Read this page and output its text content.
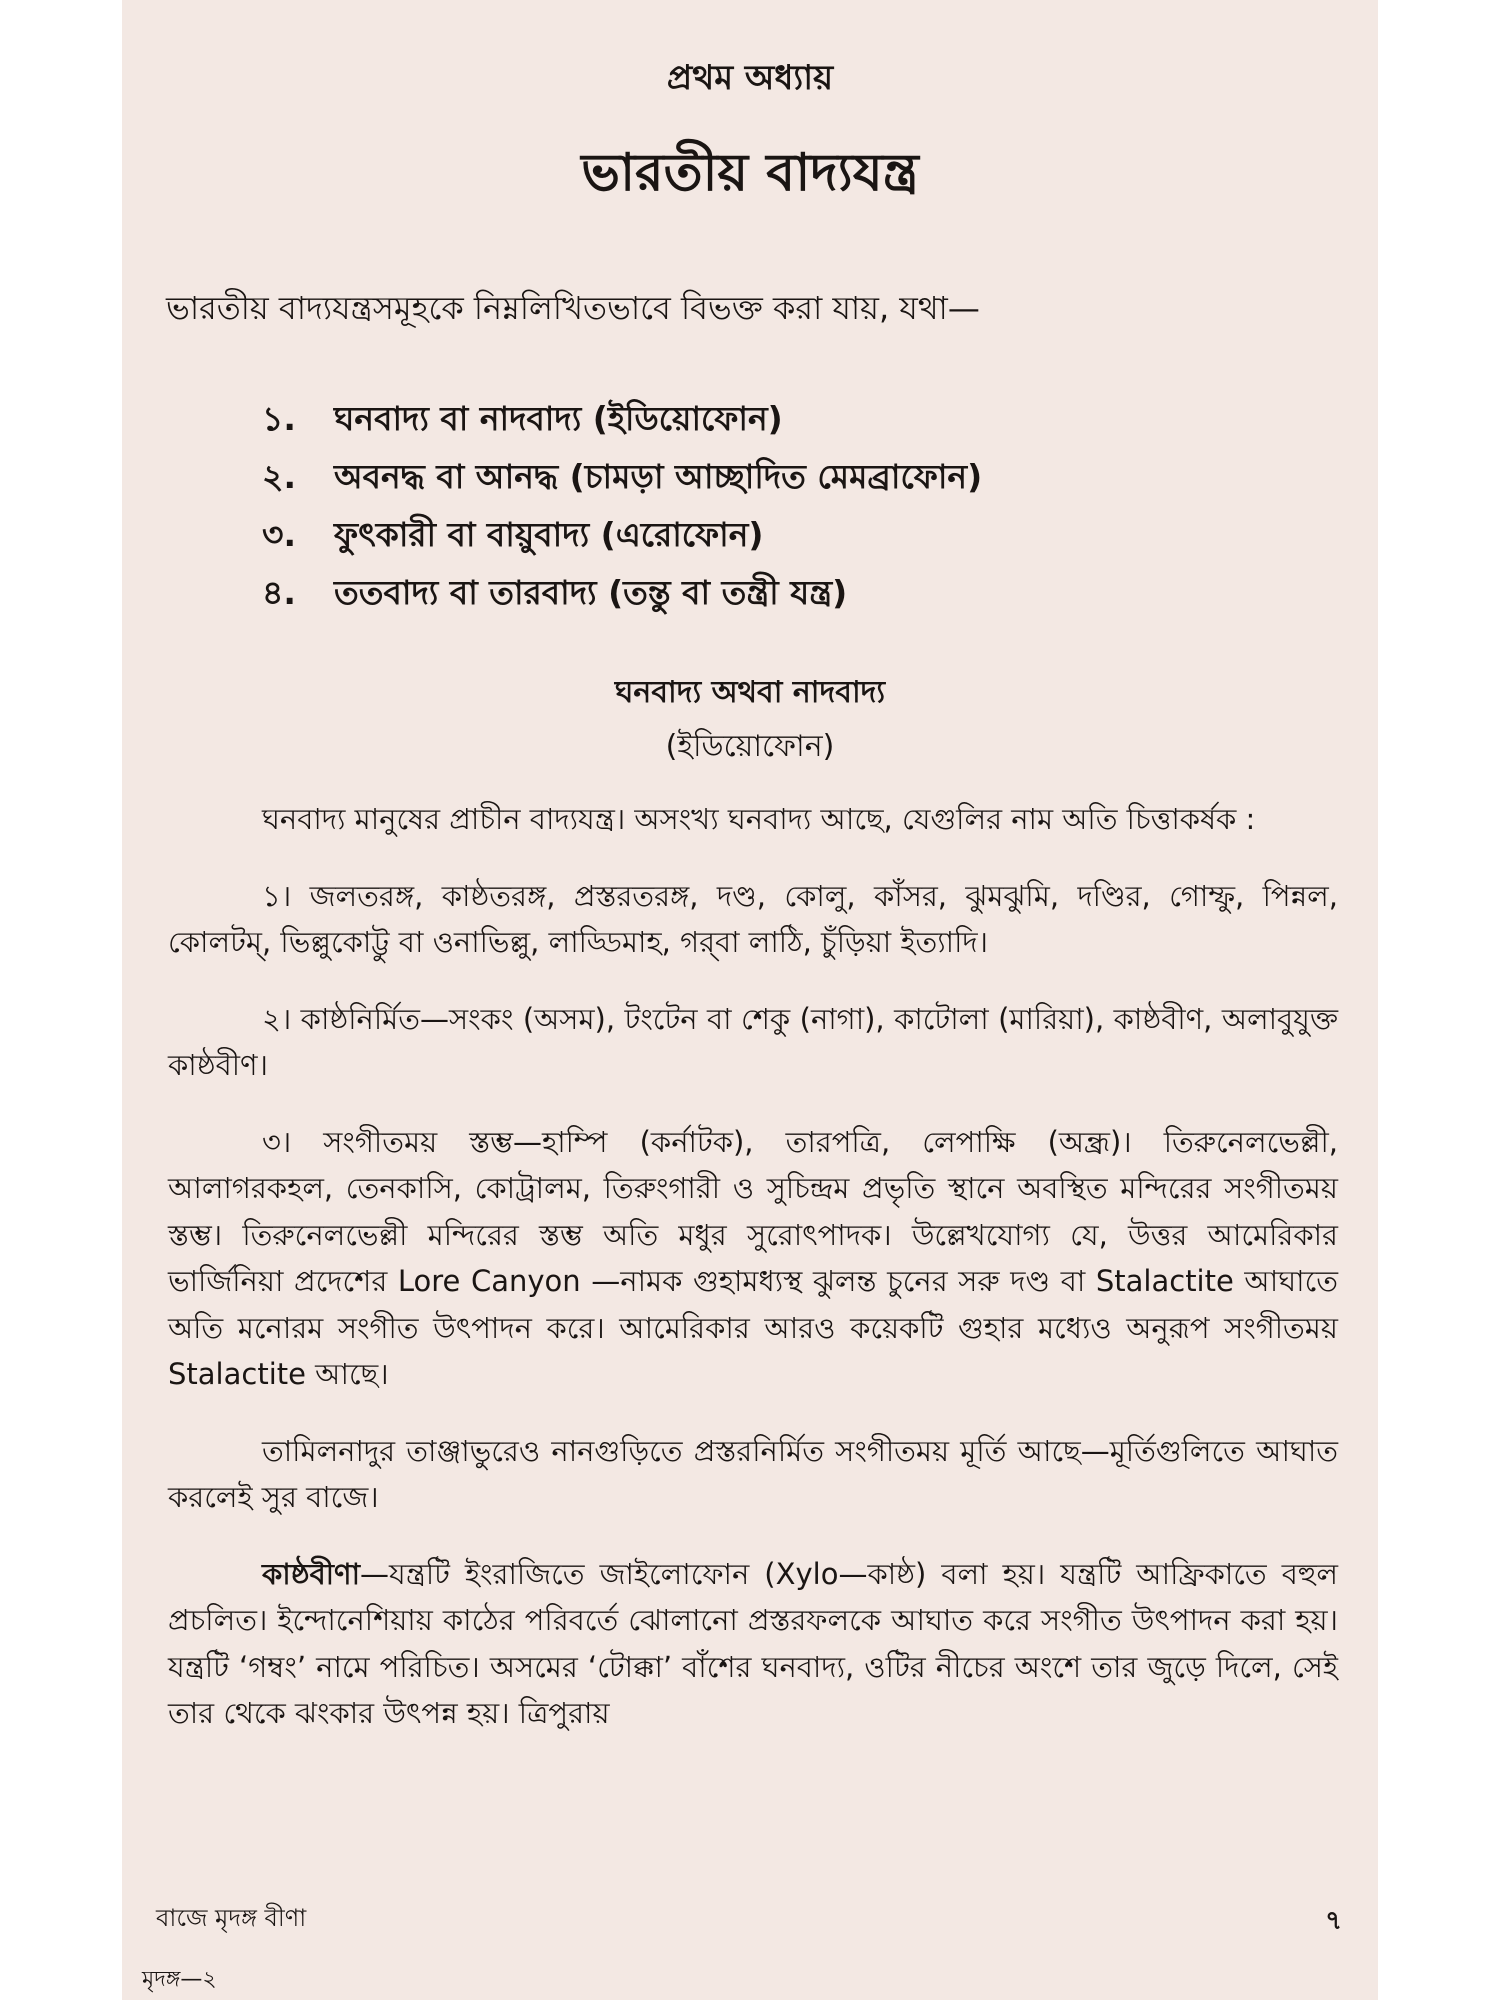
প্রথম অধ্যায়
ভারতীয় বাদ্যযন্ত্র
ভারতীয় বাদ্যযন্ত্রসমূহকে নিম্নলিখিতভাবে বিভক্ত করা যায়, যথা—
১. ঘনবাদ্য বা নাদবাদ্য (ইডিয়োফোন)
২. অবনদ্ধ বা আনদ্ধ (চামড়া আচ্ছাদিত মেমব্রাফোন)
৩. ফুৎকারী বা বায়ুবাদ্য (এরোফোন)
৪. ততবাদ্য বা তারবাদ্য (তন্তু বা তন্ত্রী যন্ত্র)
ঘনবাদ্য অথবা নাদবাদ্য
(ইডিয়োফোন)

ঘনবাদ্য মানুষের প্রাচীন বাদ্যযন্ত্র। অসংখ্য ঘনবাদ্য আছে, যেগুলির নাম অতি চিত্তাকর্ষক :

১। জলতরঙ্গ, কাষ্ঠতরঙ্গ, প্রস্তরতরঙ্গ, দণ্ড, কোলু, কাঁসর, ঝুমঝুমি, দণ্ডির, গোম্ফু, পিন্নল, কোলটম্, ভিল্লুকোট্টু বা ওনাভিল্লু, লাড্ডিমাহ, গর্‌বা লাঠি, চুঁড়িয়া ইত্যাদি।

২। কাষ্ঠনির্মিত—সংকং (অসম), টংটেন বা শেকু (নাগা), কাটোলা (মারিয়া), কাষ্ঠবীণ, অলাবুযুক্ত কাষ্ঠবীণ।

৩। সংগীতময় স্তম্ভ—হাম্পি (কর্নাটক), তারপত্রি, লেপাক্ষি (অন্ধ্র)। তিরুনেলভেল্লী, আলাগরকহল, তেনকাসি, কোট্রালম, তিরুংগারী ও সুচিন্দ্রম প্রভৃতি স্থানে অবস্থিত মন্দিরের সংগীতময় স্তম্ভ। তিরুনেলভেল্লী মন্দিরের স্তম্ভ অতি মধুর সুরোৎপাদক। উল্লেখযোগ্য যে, উত্তর আমেরিকার ভার্জিনিয়া প্রদেশের Lore Canyon —নামক গুহামধ্যস্থ ঝুলন্ত চুনের সরু দণ্ড বা Stalactite আঘাতে অতি মনোরম সংগীত উৎপাদন করে। আমেরিকার আরও কয়েকটি গুহার মধ্যেও অনুরূপ সংগীতময় Stalactite আছে।

তামিলনাদুর তাঞ্জাভুরেও নানগুড়িতে প্রস্তরনির্মিত সংগীতময় মূর্তি আছে—মূর্তিগুলিতে আঘাত করলেই সুর বাজে।

কাষ্ঠবীণা—যন্ত্রটি ইংরাজিতে জাইলোফোন (Xylo—কাষ্ঠ) বলা হয়। যন্ত্রটি আফ্রিকাতে বহুল প্রচলিত। ইন্দোনেশিয়ায় কাঠের পরিবর্তে ঝোলানো প্রস্তরফলকে আঘাত করে সংগীত উৎপাদন করা হয়। যন্ত্রটি ‘গম্বং’ নামে পরিচিত। অসমের ‘টোক্কা’ বাঁশের ঘনবাদ্য, ওটির নীচের অংশে তার জুড়ে দিলে, সেই তার থেকে ঝংকার উৎপন্ন হয়। ত্রিপুরায়

বাজে মৃদঙ্গ বীণা	৭
মৃদঙ্গ—২
